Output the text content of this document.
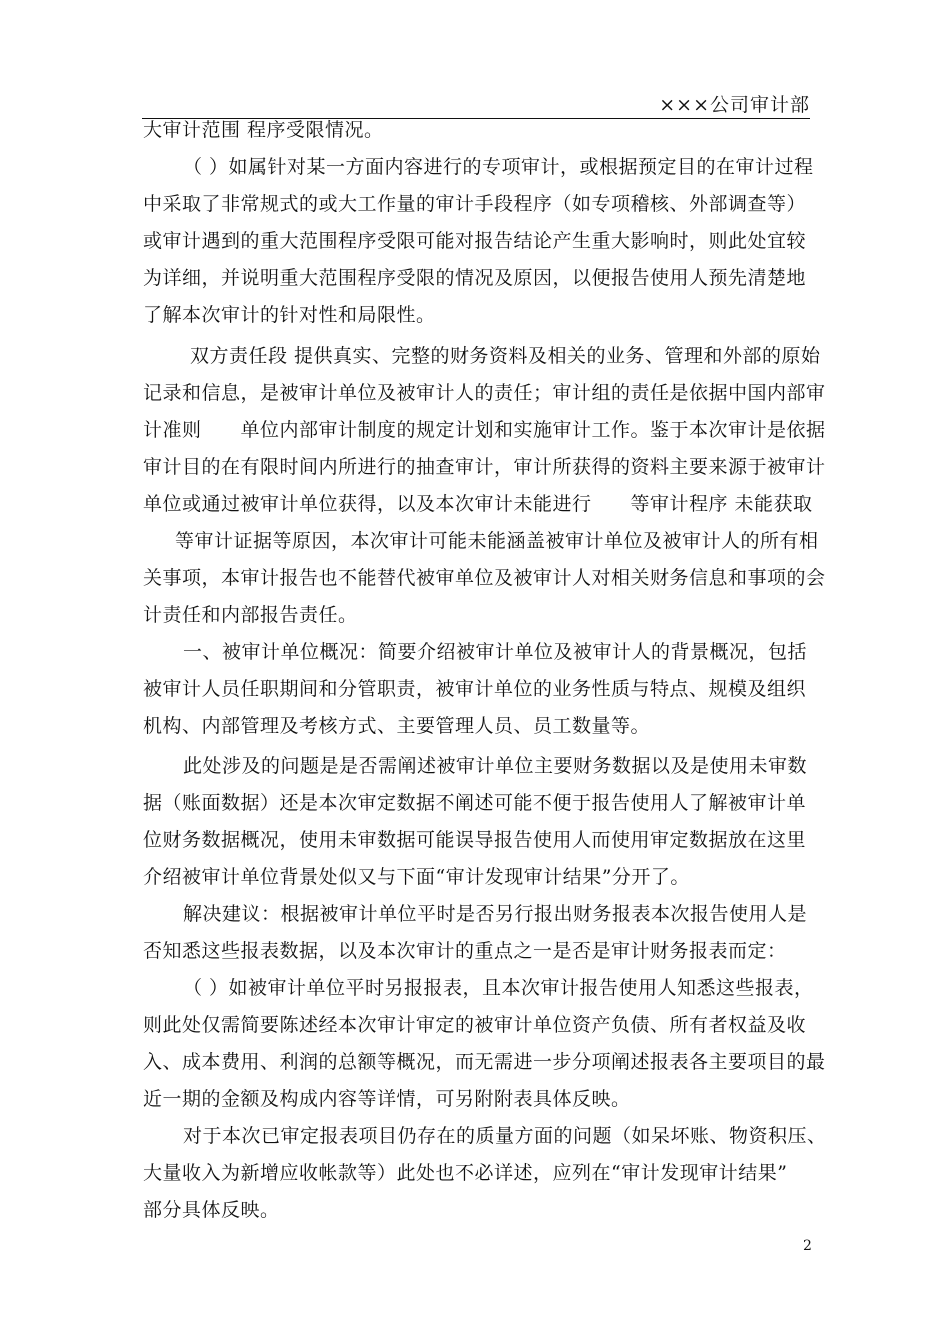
×××公司审计部
大审计范围 程序受限情况。
（ ）如属针对某一方面内容进行的专项审计，或根据预定目的在审计过程
中采取了非常规式的或大工作量的审计手段程序（如专项稽核、外部调查等）
或审计遇到的重大范围程序受限可能对报告结论产生重大影响时，则此处宜较
为详细，并说明重大范围程序受限的情况及原因，以便报告使用人预先清楚地
了解本次审计的针对性和局限性。
双方责任段 提供真实、完整的财务资料及相关的业务、管理和外部的原始
记录和信息，是被审计单位及被审计人的责任；审计组的责任是依据中国内部审
计准则　　单位内部审计制度的规定计划和实施审计工作。鉴于本次审计是依据
审计目的在有限时间内所进行的抽查审计，审计所获得的资料主要来源于被审计
单位或通过被审计单位获得，以及本次审计未能进行　　等审计程序 未能获取
等审计证据等原因，本次审计可能未能涵盖被审计单位及被审计人的所有相
关事项，本审计报告也不能替代被审单位及被审计人对相关财务信息和事项的会
计责任和内部报告责任。
一、被审计单位概况：简要介绍被审计单位及被审计人的背景概况，包括
被审计人员任职期间和分管职责，被审计单位的业务性质与特点、规模及组织
机构、内部管理及考核方式、主要管理人员、员工数量等。
此处涉及的问题是是否需阐述被审计单位主要财务数据以及是使用未审数
据（账面数据）还是本次审定数据不阐述可能不便于报告使用人了解被审计单
位财务数据概况，使用未审数据可能误导报告使用人而使用审定数据放在这里
介绍被审计单位背景处似又与下面“审计发现审计结果”分开了。
解决建议：根据被审计单位平时是否另行报出财务报表本次报告使用人是
否知悉这些报表数据，以及本次审计的重点之一是否是审计财务报表而定：
（ ）如被审计单位平时另报报表，且本次审计报告使用人知悉这些报表，
则此处仅需简要陈述经本次审计审定的被审计单位资产负债、所有者权益及收
入、成本费用、利润的总额等概况，而无需进一步分项阐述报表各主要项目的最
近一期的金额及构成内容等详情，可另附附表具体反映。
对于本次已审定报表项目仍存在的质量方面的问题（如呆坏账、物资积压、
大量收入为新增应收帐款等）此处也不必详述，应列在“审计发现审计结果”
部分具体反映。
2
